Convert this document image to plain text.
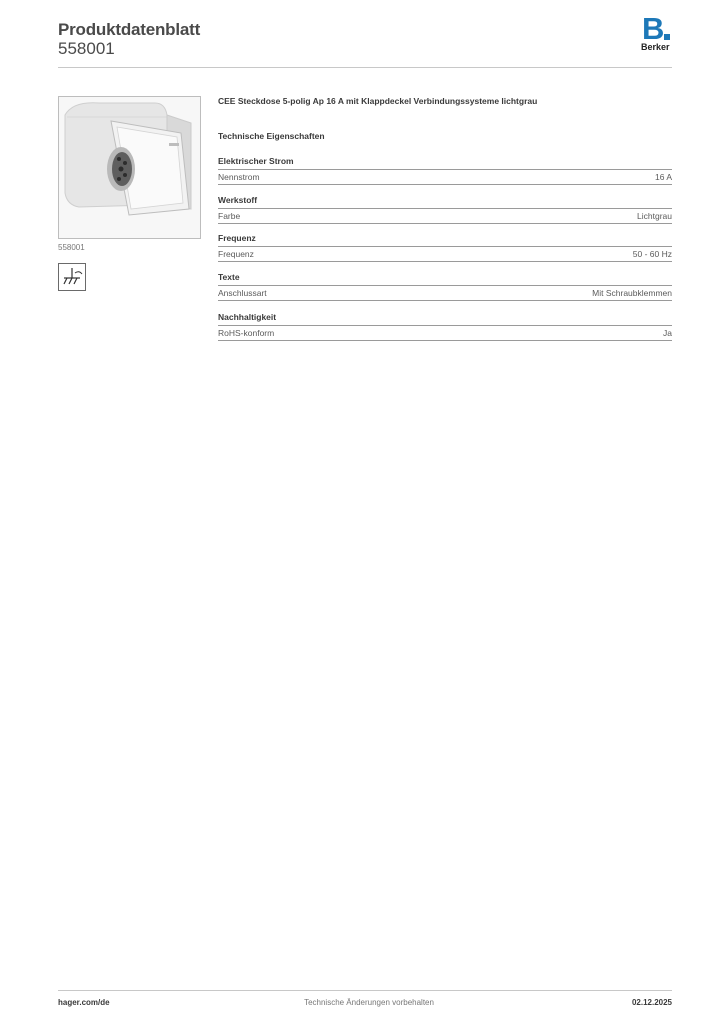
Produktdatenblatt
558001
B
Berker
558001
CEE Steckdose 5-polig Ap 16 A mit Klappdeckel Verbindungssysteme lichtgrau
Technische Eigenschaften
Elektrischer Strom
Nennstrom	16 A
Werkstoff
Farbe	Lichtgrau
Frequenz
Frequenz	50 - 60 Hz
Texte
Anschlussart	Mit Schraubklemmen
Nachhaltigkeit
RoHS-konform	Ja
hager.com/de	Technische Änderungen vorbehalten	02.12.2025
